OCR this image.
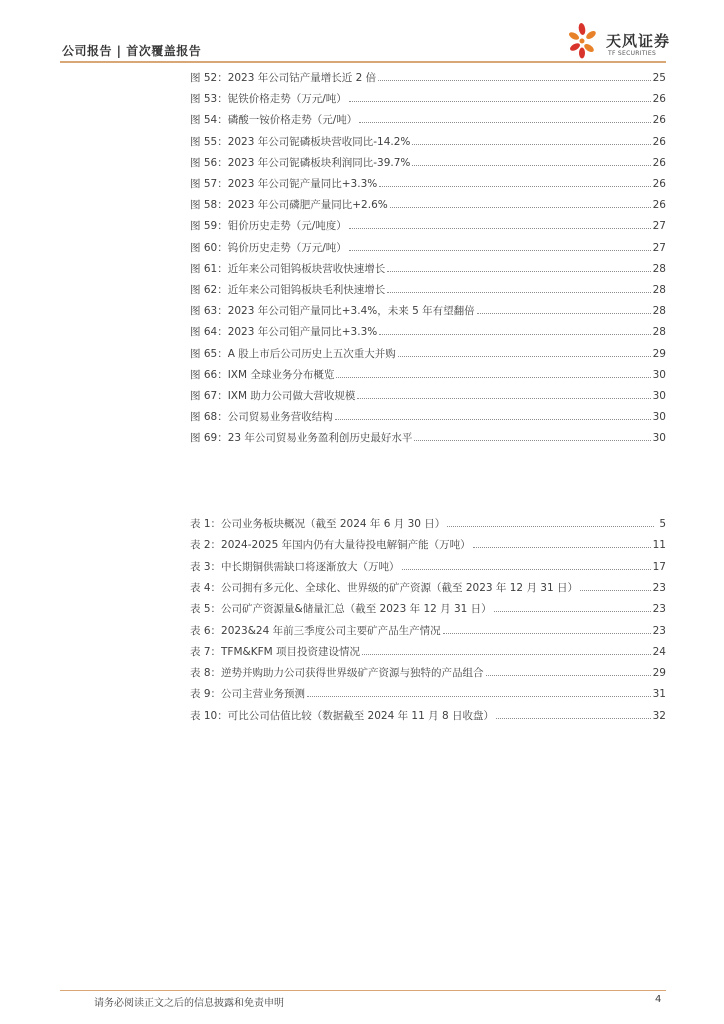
公司报告 | 首次覆盖报告
天风证券
TF SECURITIES
图 52：2023 年公司钴产量增长近 2 倍	25
图 53：铌铁价格走势（万元/吨）	26
图 54：磷酸一铵价格走势（元/吨）	26
图 55：2023 年公司铌磷板块营收同比-14.2%	26
图 56：2023 年公司铌磷板块利润同比-39.7%	26
图 57：2023 年公司铌产量同比+3.3%	26
图 58：2023 年公司磷肥产量同比+2.6%	26
图 59：钼价历史走势（元/吨度）	27
图 60：钨价历史走势（万元/吨）	27
图 61：近年来公司钼钨板块营收快速增长	28
图 62：近年来公司钼钨板块毛利快速增长	28
图 63：2023 年公司钼产量同比+3.4%，未来 5 年有望翻倍	28
图 64：2023 年公司钼产量同比+3.3%	28
图 65：A 股上市后公司历史上五次重大并购	29
图 66：IXM 全球业务分布概览	30
图 67：IXM 助力公司做大营收规模	30
图 68：公司贸易业务营收结构	30
图 69：23 年公司贸易业务盈利创历史最好水平	30
表 1：公司业务板块概况（截至 2024 年 6 月 30 日）	5
表 2：2024-2025 年国内仍有大量待投电解铜产能（万吨）	11
表 3：中长期铜供需缺口将逐渐放大（万吨）	17
表 4：公司拥有多元化、全球化、世界级的矿产资源（截至 2023 年 12 月 31 日）	23
表 5：公司矿产资源量&储量汇总（截至 2023 年 12 月 31 日）	23
表 6：2023&24 年前三季度公司主要矿产品生产情况	23
表 7：TFM&KFM 项目投资建设情况	24
表 8：逆势并购助力公司获得世界级矿产资源与独特的产品组合	29
表 9：公司主营业务预测	31
表 10：可比公司估值比较（数据截至 2024 年 11 月 8 日收盘）	32
请务必阅读正文之后的信息披露和免责申明	4
